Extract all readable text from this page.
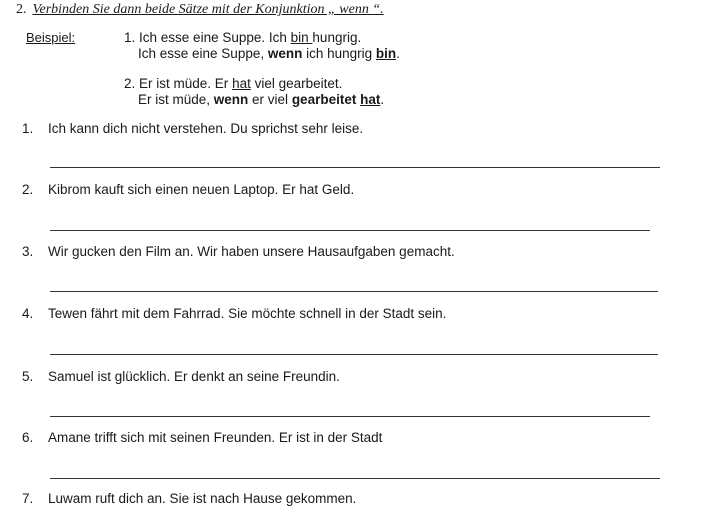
2. Verbinden Sie dann beide Sätze mit der Konjunktion „ wenn “.
Beispiel:	1. Ich esse eine Suppe. Ich bin hungrig.
Ich esse eine Suppe, wenn ich hungrig bin.
2. Er ist müde. Er hat viel gearbeitet.
Er ist müde, wenn er viel gearbeitet hat.
1. Ich kann dich nicht verstehen. Du sprichst sehr leise.
2. Kibrom kauft sich einen neuen Laptop. Er hat Geld.
3. Wir gucken den Film an. Wir haben unsere Hausaufgaben gemacht.
4. Tewen fährt mit dem Fahrrad. Sie möchte schnell in der Stadt sein.
5. Samuel ist glücklich. Er denkt an seine Freundin.
6. Amane trifft sich mit seinen Freunden. Er ist in der Stadt
7. Luwam ruft dich an. Sie ist nach Hause gekommen.
